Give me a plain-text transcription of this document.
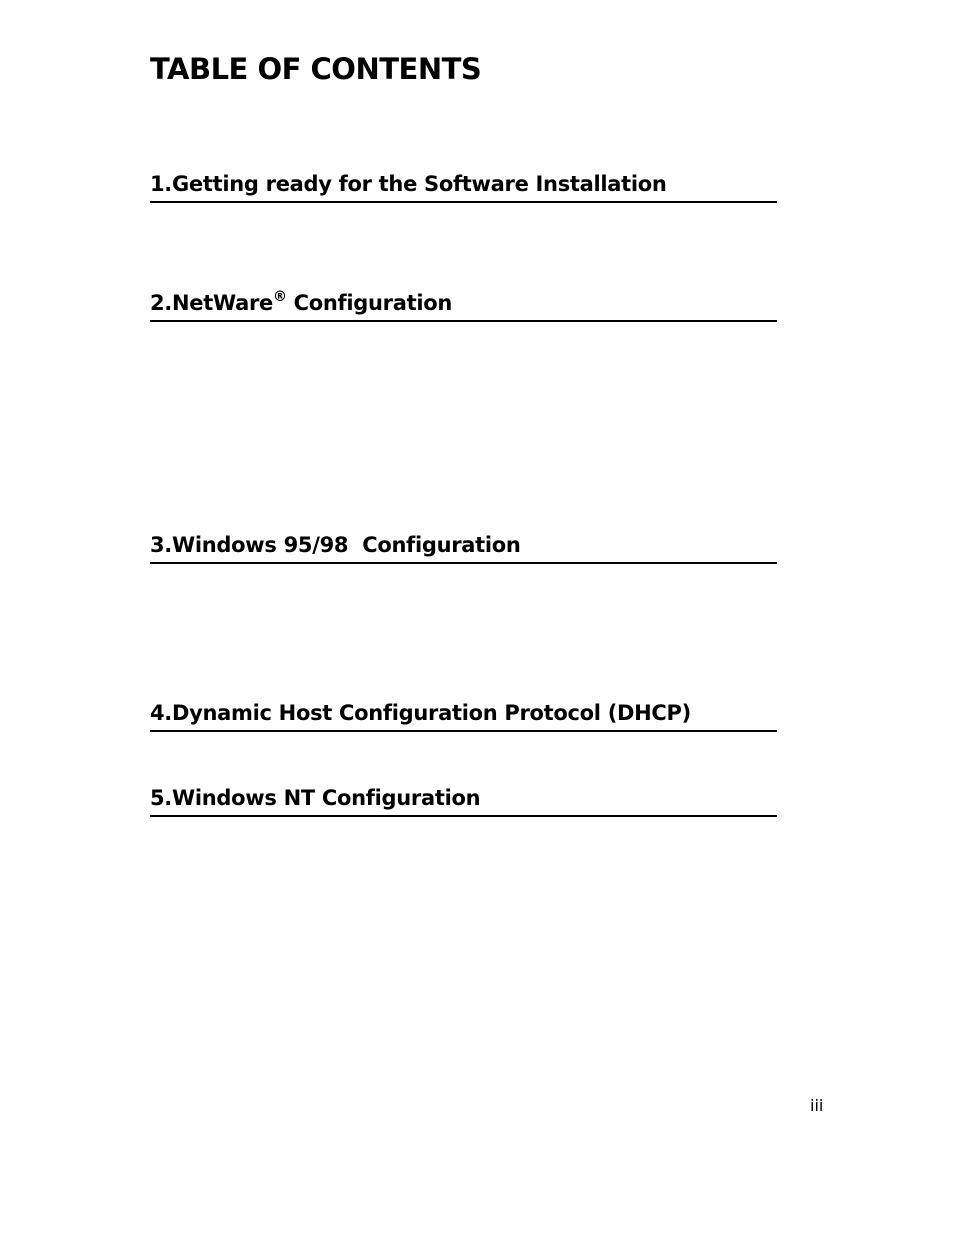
TABLE OF CONTENTS
1.Getting ready for the Software Installation
2.NetWare® Configuration
3.Windows 95/98  Configuration
4.Dynamic Host Configuration Protocol (DHCP)
5.Windows NT Configuration
iii
